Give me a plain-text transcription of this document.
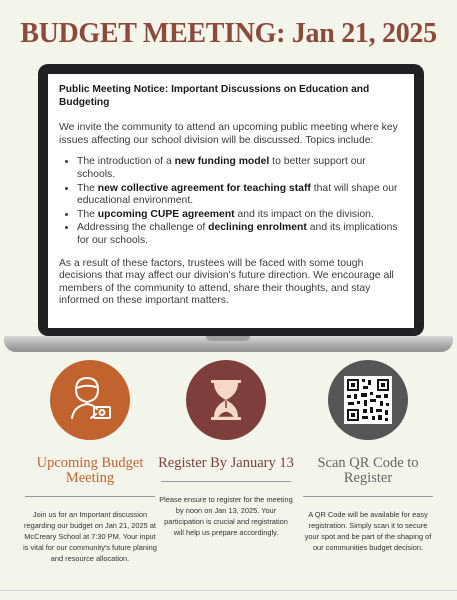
BUDGET MEETING: Jan 21, 2025
Public Meeting Notice: Important Discussions on Education and Budgeting

We invite the community to attend an upcoming public meeting where key issues affecting our school division will be discussed. Topics include:

• The introduction of a new funding model to better support our schools.
• The new collective agreement for teaching staff that will shape our educational environment.
• The upcoming CUPE agreement and its impact on the division.
• Addressing the challenge of declining enrolment and its implications for our schools.

As a result of these factors, trustees will be faced with some tough decisions that may affect our division's future direction. We encourage all members of the community to attend, share their thoughts, and stay informed on these important matters.

Upcoming Budget Meeting
Join us for an Important discussion regarding our budget on Jan 21, 2025 at McCreary School at 7:30 PM. Your input is vital for our community's future planing and resource allocation.
Register By January 13
Please ensure to register for the meeting by noon on Jan 13, 2025. Your participation is crucial and registration will help us prepare accordingly.
Scan QR Code to Register
A QR Code will be available for easy registration. Simply scan it to secure your spot and be part of the shaping of our communities budget decision.
